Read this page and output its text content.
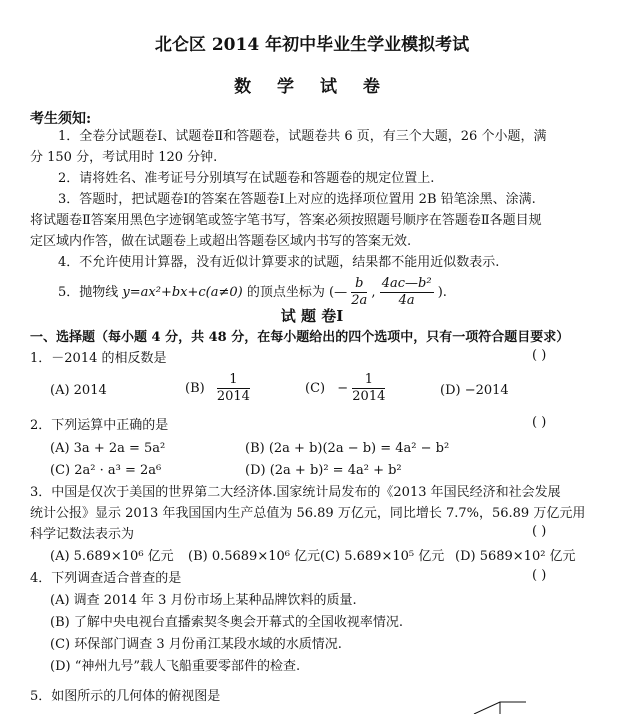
北仑区 2014 年初中毕业生学业模拟考试
数 学 试 卷
考生须知:
1．全卷分试题卷Ⅰ、试题卷Ⅱ和答题卷，试题卷共 6 页，有三个大题，26 个小题，满
分 150 分，考试用时 120 分钟.
2．请将姓名、准考证号分别填写在试题卷和答题卷的规定位置上.
3．答题时，把试题卷Ⅰ的答案在答题卷Ⅰ上对应的选择项位置用 2B 铅笔涂黑、涂满.
将试题卷Ⅱ答案用黑色字迹钢笔或签字笔书写，答案必须按照题号顺序在答题卷Ⅱ各题目规
定区域内作答，做在试题卷上或超出答题卷区域内书写的答案无效.
4．不允许使用计算器，没有近似计算要求的试题，结果都不能用近似数表示.
5．抛物线 y=ax²+bx+c(a≠0) 的顶点坐标为 (— $\frac{b}{2a}$ , $\frac{\text{4ac—b²}}{4a}$ ).
试 题 卷Ⅰ
一、选择题（每小题 4 分，共 48 分，在每小题给出的四个选项中，只有一项符合题目要求）
1．－2014 的相反数是	( )
(A) 2014	$(B) \frac{1}{2014}$	$(C) - \frac{1}{2014}$	(D) −2014
2．下列运算中正确的是	( )
(A) 3a + 2a = 5a²	(B) (2a + b)(2a − b) = 4a² − b²
(C) 2a² · a³ = 2a⁶	(D) (2a + b)² = 4a² + b²
3．中国是仅次于美国的世界第二大经济体.国家统计局发布的《2013 年国民经济和社会发展
统计公报》显示 2013 年我国国内生产总值为 56.89 万亿元，同比增长 7.7%，56.89 万亿元用
科学记数法表示为	( )
(A) 5.689×10⁶ 亿元 (B) 0.5689×10⁶ 亿元 (C) 5.689×10⁵ 亿元 (D) 5689×10² 亿元
4．下列调查适合普查的是	( )
(A) 调查 2014 年 3 月份市场上某种品牌饮料的质量.
(B) 了解中央电视台直播索契冬奥会开幕式的全国收视率情况.
(C) 环保部门调查 3 月份甬江某段水域的水质情况.
(D) “神州九号”载人飞船重要零部件的检查.
5．如图所示的几何体的俯视图是
